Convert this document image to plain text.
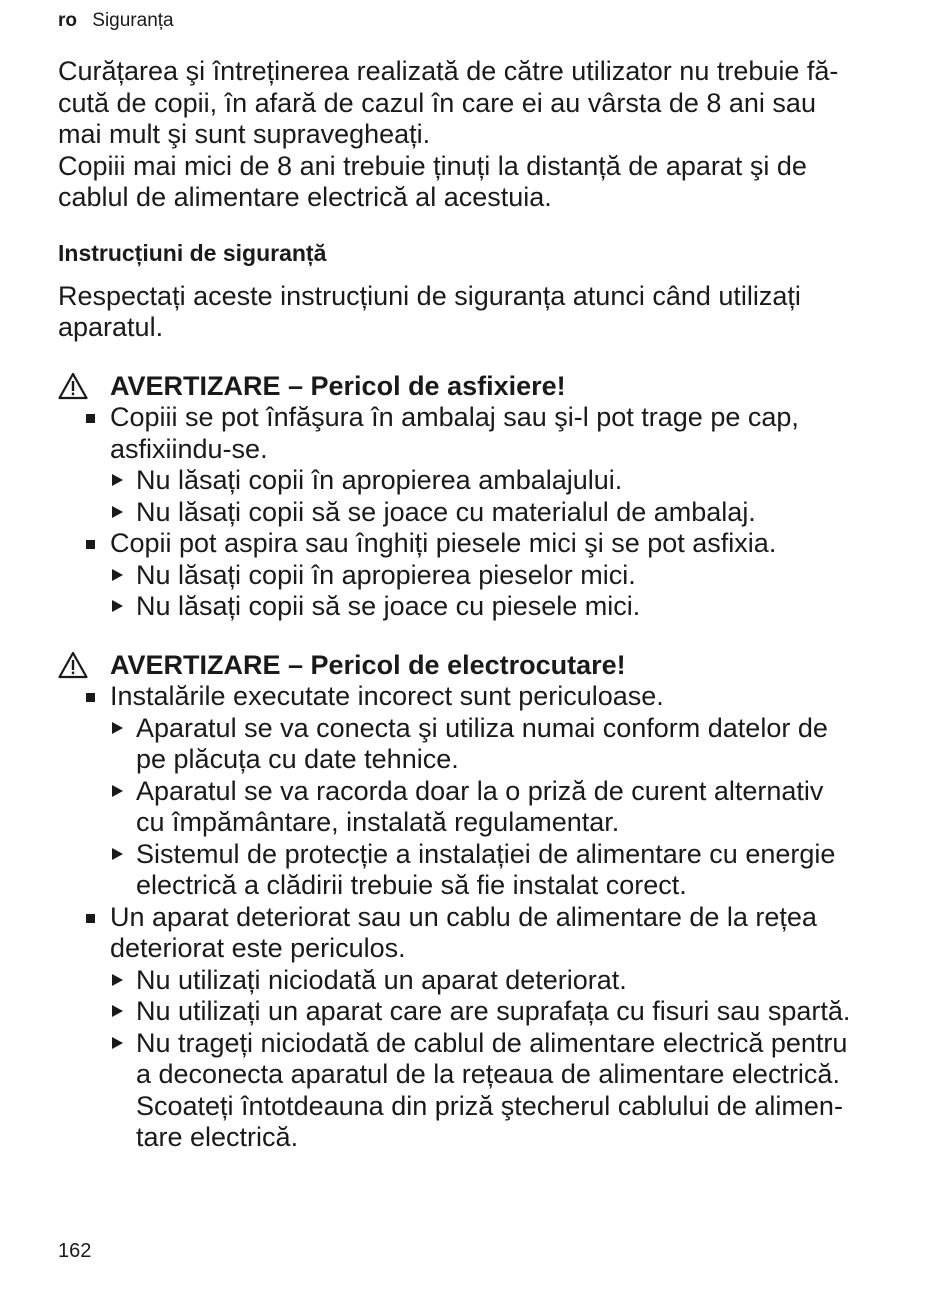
ro Siguranța

Curățarea şi întreținerea realizată de către utilizator nu trebuie fă-
cută de copii, în afară de cazul în care ei au vârsta de 8 ani sau
mai mult şi sunt supravegheați.
Copiii mai mici de 8 ani trebuie ținuți la distanță de aparat şi de
cablul de alimentare electrică al acestuia.

Instrucțiuni de siguranță

Respectați aceste instrucțiuni de siguranța atunci când utilizați
aparatul.

AVERTIZARE – Pericol de asfixiere!
Copiii se pot înfăşura în ambalaj sau şi-l pot trage pe cap,
asfixiindu-se.
Nu lăsați copii în apropierea ambalajului.
Nu lăsați copii să se joace cu materialul de ambalaj.
Copii pot aspira sau înghiți piesele mici şi se pot asfixia.
Nu lăsați copii în apropierea pieselor mici.
Nu lăsați copii să se joace cu piesele mici.
AVERTIZARE – Pericol de electrocutare!
Instalările executate incorect sunt periculoase.
Aparatul se va conecta şi utiliza numai conform datelor de
pe plăcuța cu date tehnice.
Aparatul se va racorda doar la o priză de curent alternativ
cu împământare, instalată regulamentar.
Sistemul de protecție a instalației de alimentare cu energie
electrică a clădirii trebuie să fie instalat corect.
Un aparat deteriorat sau un cablu de alimentare de la rețea
deteriorat este periculos.
Nu utilizați niciodată un aparat deteriorat.
Nu utilizați un aparat care are suprafața cu fisuri sau spartă.
Nu trageți niciodată de cablul de alimentare electrică pentru
a deconecta aparatul de la rețeaua de alimentare electrică.
Scoateți întotdeauna din priză ştecherul cablului de alimen-
tare electrică.
162
